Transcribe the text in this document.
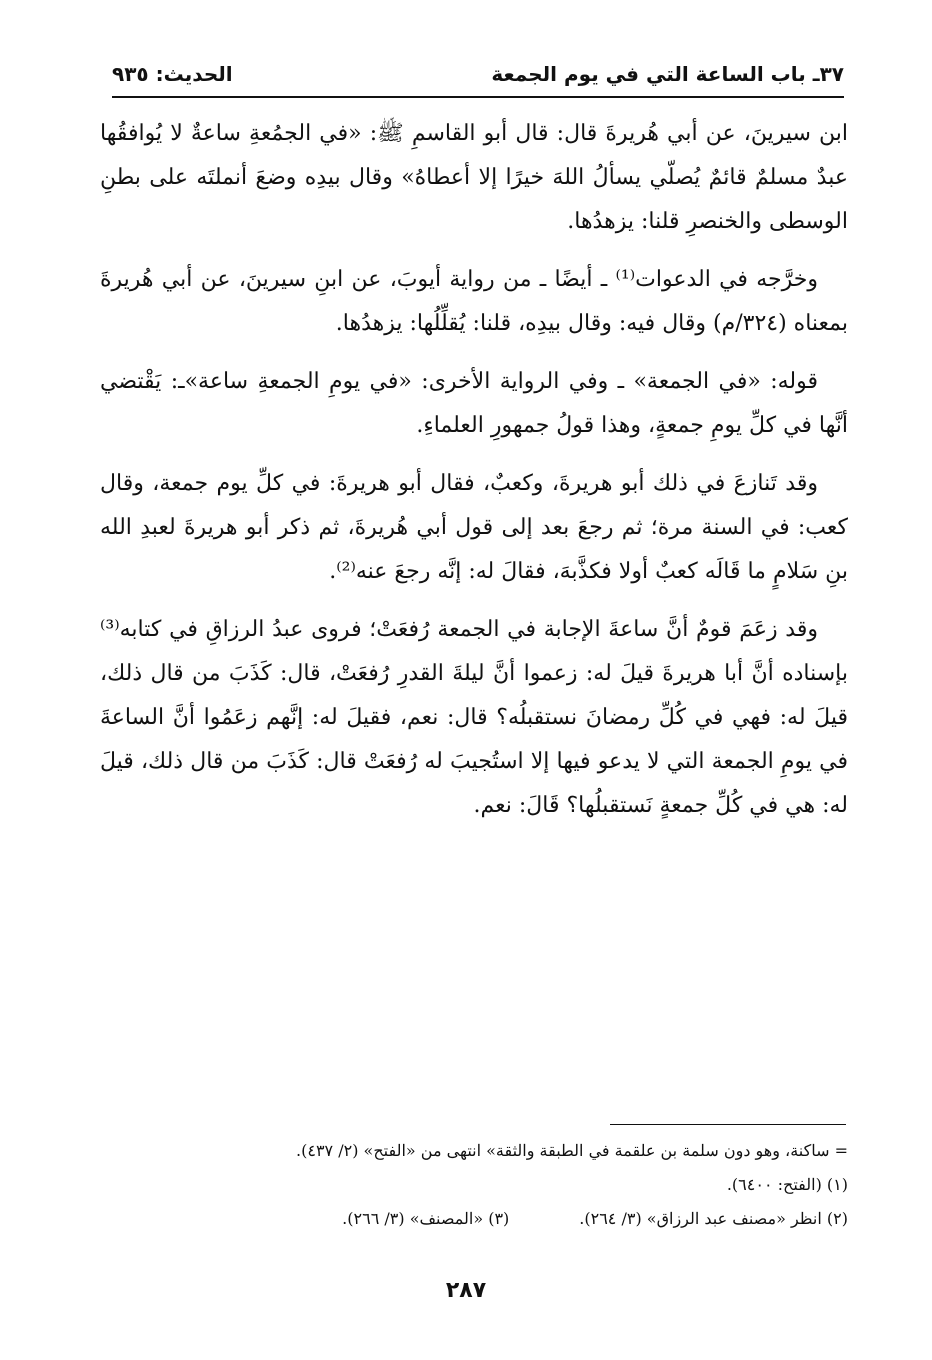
٣٧ـ باب الساعة التي في يوم الجمعة
الحديث: ٩٣٥

ابن سيرينَ، عن أبي هُريرةَ قال: قال أبو القاسمِ ﷺ: «في الجمُعةِ ساعةٌ لا يُوافقُها عبدٌ مسلمٌ قائمٌ يُصلّي يسألُ اللهَ خيرًا إلا أعطاهُ» وقال بيدِه وضعَ أنملتَه على بطنِ الوسطى والخنصرِ قلنا: يزهدُها.

وخرَّجه في الدعوات⁽¹⁾ ـ أيضًا ـ من رواية أيوبَ، عن ابنِ سيرينَ، عن أبي هُريرةَ بمعناه (٣٢٤/م) وقال فيه: وقال بيدِه، قلنا: يُقلِّلُها: يزهدُها.

قوله: «في الجمعة» ـ وفي الرواية الأخرى: «في يومِ الجمعةِ ساعة»ـ: يَقْتضي أنَّها في كلِّ يومِ جمعةٍ، وهذا قولُ جمهورِ العلماءِ.

وقد تَنازعَ في ذلك أبو هريرةَ، وكعبٌ، فقال أبو هريرةَ: في كلِّ يوم جمعة، وقال كعب: في السنة مرة؛ ثم رجعَ بعد إلى قول أبي هُريرةَ، ثم ذكر أبو هريرةَ لعبدِ الله بنِ سَلامٍ ما قَالَه كعبٌ أولا فكذَّبهَ، فقالَ له: إنَّه رجعَ عنه⁽²⁾.

وقد زعَمَ قومٌ أنَّ ساعةَ الإجابة في الجمعة رُفعَتْ؛ فروى عبدُ الرزاقِ في كتابه⁽³⁾ بإسناده أنَّ أبا هريرةَ قيلَ له: زعموا أنَّ ليلةَ القدرِ رُفعَتْ، قال: كَذَبَ من قال ذلك، قيلَ له: فهي في كُلِّ رمضانَ نستقبلُه؟ قال: نعم، فقيلَ له: إنَّهم زعَمُوا أنَّ الساعةَ في يومِ الجمعة التي لا يدعو فيها إلا استُجيبَ له رُفعَتْ قال: كَذَبَ من قال ذلك، قيلَ له: هي في كُلِّ جمعةٍ نَستقبلُها؟ قَالَ: نعم.

= ساكنة، وهو دون سلمة بن علقمة في الطبقة والثقة» انتهى من «الفتح» (٢/ ٤٣٧).

(١) (الفتح: ٦٤٠٠).

(٢) انظر «مصنف عبد الرزاق» (٣/ ٢٦٤).
(٣) «المصنف» (٣/ ٢٦٦).
٢٨٧
